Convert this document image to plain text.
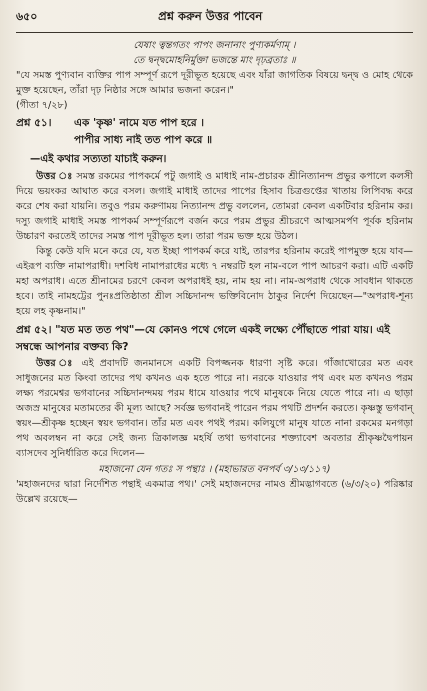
৬৫০	প্রশ্ন করুন উত্তর পাবেন
যেষাং ত্বন্তগতং পাপং জনানাং পুণ্যকর্মণাম্ ।
তে দ্বন্দ্বমোহনির্মুক্তা ভজন্তে মাং দৃঢ়ব্রতাঃ ॥

"যে সমস্ত পুণ্যবান ব্যক্তির পাপ সম্পূর্ণ রূপে দূরীভূত হয়েছে এবং যাঁরা জাগতিক বিষয়ে দ্বন্দ্ব ও মোহ থেকে মুক্ত হয়েছেন, তাঁরা দৃঢ় নিষ্ঠার সঙ্গে আমার ভজনা করেন।"
(গীতা ৭/২৮)

প্রশ্ন ৫১।	এক 'কৃষ্ণ' নামে যত পাপ হরে ।
পাপীর সাধ্য নাই তত পাপ করে ॥
—এই কথার সত্যতা যাচাই করুন।

উত্তর ঃ সমস্ত রকমের পাপকর্মে পটু জগাই ও মাধাই নাম-প্রচারক শ্রীনিত্যানন্দ প্রভুর কপালে কলসী দিয়ে ভয়ংকর আঘাত করে বসল। জগাই মাধাই তাদের পাপের হিসাব চিত্রগুপ্তের খাতায় লিপিবদ্ধ করে করে শেষ করা যায়নি। তবুও পরম করুণাময় নিত্যানন্দ প্রভু বললেন, তোমরা কেবল একটিবার হরিনাম কর। দস্যু জগাই মাধাই সমস্ত পাপকর্ম সম্পূর্ণরূপে বর্জন করে পরম প্রভুর শ্রীচরণে আত্মসমর্পণ পূর্বক হরিনাম উচ্চারণ করতেই তাদের সমস্ত পাপ দূরীভূত হল। তারা পরম ভক্ত হয়ে উঠল।

কিন্তু কেউ যদি মনে করে যে, যত ইচ্ছা পাপকর্ম করে যাই, তারপর হরিনাম করেই পাপমুক্ত হয়ে যাব—এইরূপ ব্যক্তি নামাপরাধী। দশবিধ নামাপরাধের মধ্যে ৭ নম্বরটি হল নাম-বলে পাপ আচরণ করা। এটি একটি মহা অপরাধ। এতে শ্রীনামের চরণে কেবল অপরাধই হয়, নাম হয় না। নাম-অপরাধ থেকে সাবধান থাকতে হবে। তাই নামহট্টের পুনঃপ্রতিষ্ঠাতা শ্রীল সচ্চিদানন্দ ভক্তিবিনোদ ঠাকুর নির্দেশ দিয়েছেন—"অপরাধ-শূন্য হয়ে লহ কৃষ্ণনাম।"

প্রশ্ন ৫২। "যত মত তত পথ"—যে কোনও পথে গেলে একই লক্ষ্যে পৌঁছাতে পারা যায়। এই সম্বন্ধে আপনার বক্তব্য কি?

উত্তর ঃ এই প্রবাদটি জনমানসে একটি বিপজ্জনক ধারণা সৃষ্টি করে। গাঁজাখোরের মত এবং সাধুজনের মত কিংবা তাদের পথ কখনও এক হতে পারে না। নরকে যাওয়ার পথ এবং মত কখনও পরম লক্ষ্য পরমেশ্বর ভগবানের সচ্চিদানন্দময় পরম ধামে যাওয়ার পথে মানুষকে নিয়ে যেতে পারে না। এ ছাড়া অজস্র মানুষের মতামতের কী মূল্য আছে? সর্বজ্ঞ ভগবানই পারেন পরম পথটি প্রদর্শন করতে। কৃষ্ণস্তু ভগবান্ স্বয়ং—শ্রীকৃষ্ণ হচ্ছেন স্বয়ং ভগবান। তাঁর মত এবং পথই পরম। কলিযুগে মানুষ যাতে নানা রকমের মনগড়া পথ অবলম্বন না করে সেই জন্য ত্রিকালজ্ঞ মহর্ষি তথা ভগবানের শক্ত্যাবেশ অবতার শ্রীকৃষ্ণদ্বৈপায়ন ব্যাসদেব সুনির্ধারিত করে দিলেন—

মহাজনো যেন গতঃ স পন্থাঃ । (মহাভারত বনপর্ব ৩/১৩/১১৭)

'মহাজনদের দ্বারা নির্দেশিত পন্থাই একমাত্র পথ।' সেই মহাজনদের নামও শ্রীমদ্ভাগবতে (৬/৩/২০) পরিষ্কার উল্লেখ রয়েছে—
